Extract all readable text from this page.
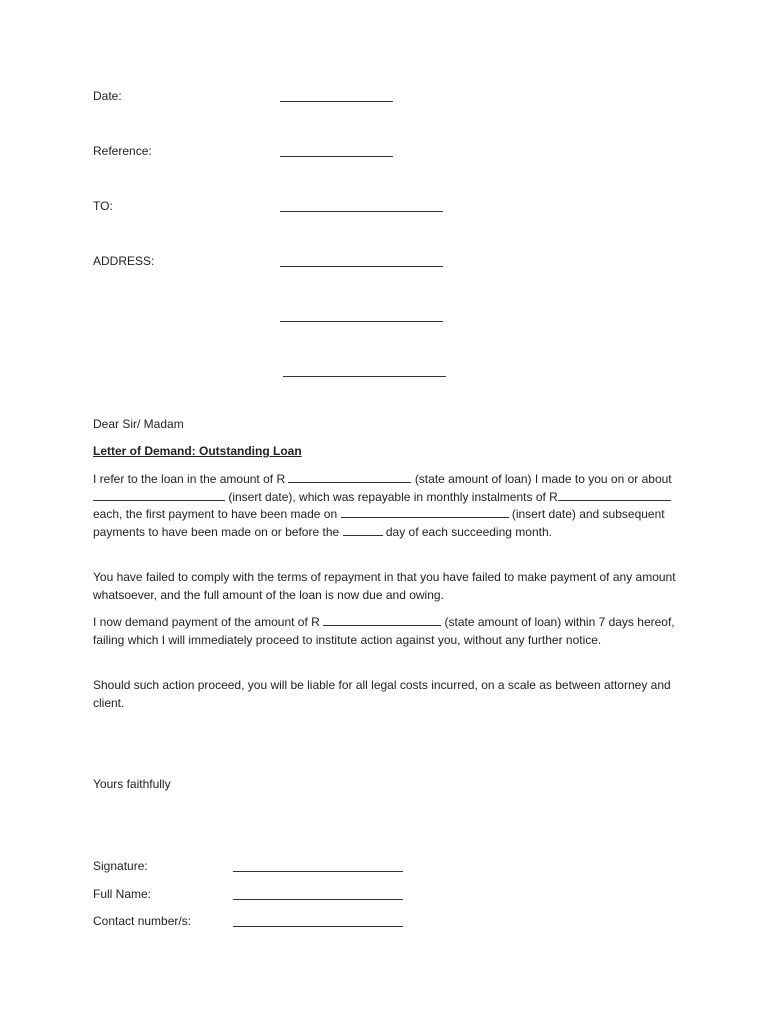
Date:
Reference:
TO:
ADDRESS:
Dear Sir/ Madam
Letter of Demand: Outstanding Loan

I refer to the loan in the amount of R	(state amount of loan) I made to you on or about  (insert date), which was repayable in monthly instalments of R each, the first payment to have been made on	(insert date) and subsequent payments to have been made on or before the	day of each succeeding month.

You have failed to comply with the terms of repayment in that you have failed to make payment of any amount whatsoever, and the full amount of the loan is now due and owing.

I now demand payment of the amount of R	(state amount of loan) within 7 days hereof, failing which I will immediately proceed to institute action against you, without any further notice.

Should such action proceed, you will be liable for all legal costs incurred, on a scale as between attorney and client.

Yours faithfully
Signature:
Full Name:
Contact number/s:
